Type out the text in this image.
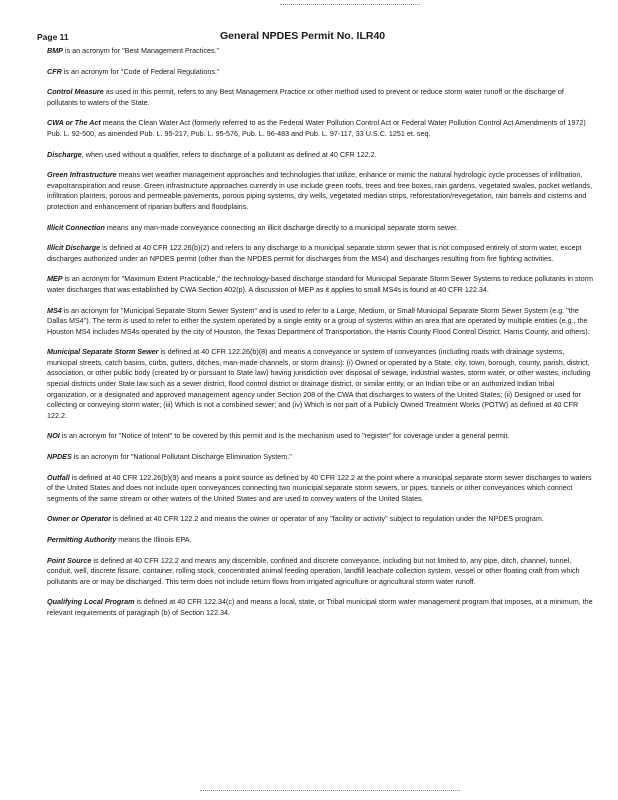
Page 11	General NPDES Permit No. ILR40

BMP is an acronym for "Best Management Practices."

CFR is an acronym for "Code of Federal Regulations."

Control Measure as used in this permit, refers to any Best Management Practice or other method used to prevent or reduce storm water runoff or the discharge of pollutants to waters of the State.

CWA or The Act means the Clean Water Act (formerly referred to as the Federal Water Pollution Control Act or Federal Water Pollution Control Act Amendments of 1972) Pub. L. 92-500, as amended Pub. L. 95-217, Pub. L. 95-576, Pub. L. 96-483 and Pub. L. 97-117, 33 U.S.C. 1251 et. seq.

Discharge, when used without a qualifier, refers to discharge of a pollutant as defined at 40 CFR 122.2.

Green Infrastructure means wet weather management approaches and technologies that utilize, enhance or mimic the natural hydrologic cycle processes of infiltration, evapotranspiration and reuse. Green infrastructure approaches currently in use include green roofs, trees and tree boxes, rain gardens, vegetated swales, pocket wetlands, infiltration planters, porous and permeable pavements, porous piping systems, dry wells, vegetated median strips, reforestation/revegetation, rain barrels and cisterns and protection and enhancement of riparian buffers and floodplains.

Illicit Connection means any man-made conveyance connecting an illicit discharge directly to a municipal separate storm sewer.

Illicit Discharge is defined at 40 CFR 122.26(b)(2) and refers to any discharge to a municipal separate storm sewer that is not composed entirely of storm water, except discharges authorized under an NPDES permit (other than the NPDES permit for discharges from the MS4) and discharges resulting from fire fighting activities.

MEP is an acronym for "Maximum Extent Practicable," the technology-based discharge standard for Municipal Separate Storm Sewer Systems to reduce pollutants in storm water discharges that was established by CWA Section 402(p). A discussion of MEP as it applies to small MS4s is found at 40 CFR 122.34.

MS4 is an acronym for "Municipal Separate Storm Sewer System" and is used to refer to a Large, Medium, or Small Municipal Separate Storm Sewer System (e.g. "the Dallas MS4"). The term is used to refer to either the system operated by a single entity or a group of systems within an area that are operated by multiple entities (e.g., the Houston MS4 includes MS4s operated by the city of Houston, the Texas Department of Transportation, the Harris County Flood Control District, Harris County, and others).

Municipal Separate Storm Sewer is defined at 40 CFR 122.26(b)(8) and means a conveyance or system of conveyances (including roads with drainage systems, municipal streets, catch basins, curbs, gutters, ditches, man-made channels, or storm drains): (i) Owned or operated by a State, city, town, borough, county, parish, district, association, or other public body (created by or pursuant to State law) having jurisdiction over disposal of sewage, industrial wastes, storm water, or other wastes, including special districts under State law such as a sewer district, flood control district or drainage district, or similar entity, or an Indian tribe or an authorized Indian tribal organization, or a designated and approved management agency under Section 208 of the CWA that discharges to waters of the United States; (ii) Designed or used for collecting or conveying storm water; (iii) Which is not a combined sewer; and (iv) Which is not part of a Publicly Owned Treatment Works (POTW) as defined at 40 CFR 122.2.

NOI is an acronym for "Notice of Intent" to be covered by this permit and is the mechanism used to "register" for coverage under a general permit.

NPDES is an acronym for "National Pollutant Discharge Elimination System."

Outfall is defined at 40 CFR 122.26(b)(9) and means a point source as defined by 40 CFR 122.2 at the point where a municipal separate storm sewer discharges to waters of the United States and does not include open conveyances connecting two municipal separate storm sewers, or pipes, tunnels or other conveyances which connect segments of the same stream or other waters of the United States and are used to convey waters of the United States.

Owner or Operator is defined at 40 CFR 122.2 and means the owner or operator of any "facility or activity" subject to regulation under the NPDES program.

Permitting Authority means the Illinois EPA.

Point Source is defined at 40 CFR 122.2 and means any discernible, confined and discrete conveyance, including but not limited to, any pipe, ditch, channel, tunnel, conduit, well, discrete fissure, container, rolling stock, concentrated animal feeding operation, landfill leachate collection system, vessel or other floating craft from which pollutants are or may be discharged. This term does not include return flows from irrigated agriculture or agricultural storm water runoff.

Qualifying Local Program is defined at 40 CFR 122.34(c) and means a local, state, or Tribal municipal storm water management program that imposes, at a minimum, the relevant requirements of paragraph (b) of Section 122.34.
